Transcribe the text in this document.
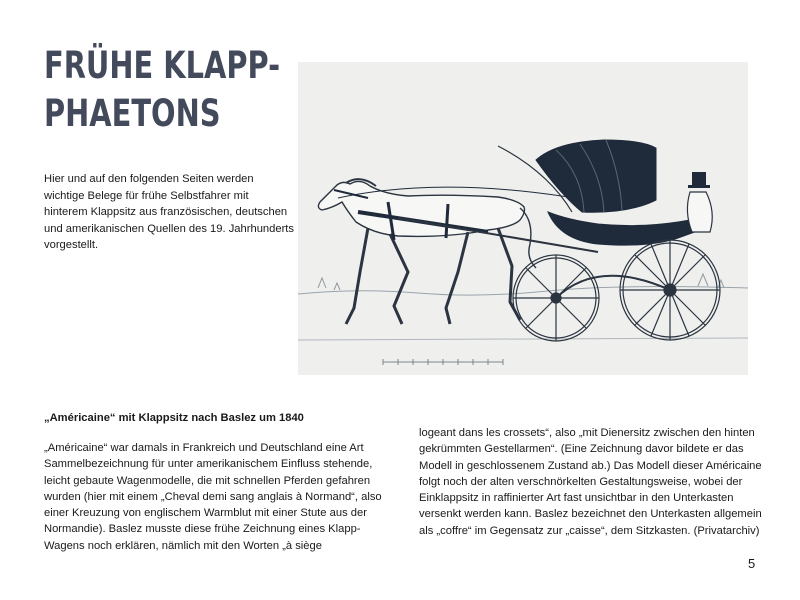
FRÜHE KLAPP-
PHAETONS

Hier und auf den folgenden Seiten werden wichtige Belege für frühe Selbstfahrer mit hinterem Klappsitz aus französischen, deutschen und amerikanischen Quellen des 19. Jahrhunderts vorgestellt.

„Américaine“ mit Klappsitz nach Baslez um 1840

„Américaine“ war damals in Frankreich und Deutschland eine Art Sammelbezeichnung für unter amerikanischem Einfluss stehende, leicht gebaute Wagenmodelle, die mit schnellen Pferden gefahren wurden (hier mit einem „Cheval demi sang anglais à Normand“, also einer Kreuzung von englischem Warmblut mit einer Stute aus der Normandie). Baslez musste diese frühe Zeichnung eines Klapp-Wagens noch erklären, nämlich mit den Worten „à siège

logeant dans les crossets“, also „mit Dienersitz zwischen den hinten gekrümmten Gestellarmen“. (Eine Zeichnung davor bildete er das Modell in geschlossenem Zustand ab.) Das Modell dieser Américaine folgt noch der alten verschnörkelten Gestaltungsweise, wobei der Einklappsitz in raffinierter Art fast unsichtbar in den Unterkasten versenkt werden kann. Baslez bezeichnet den Unterkasten allgemein als „coffre“ im Gegensatz zur „caisse“, dem Sitzkasten. (Privatarchiv)

5
